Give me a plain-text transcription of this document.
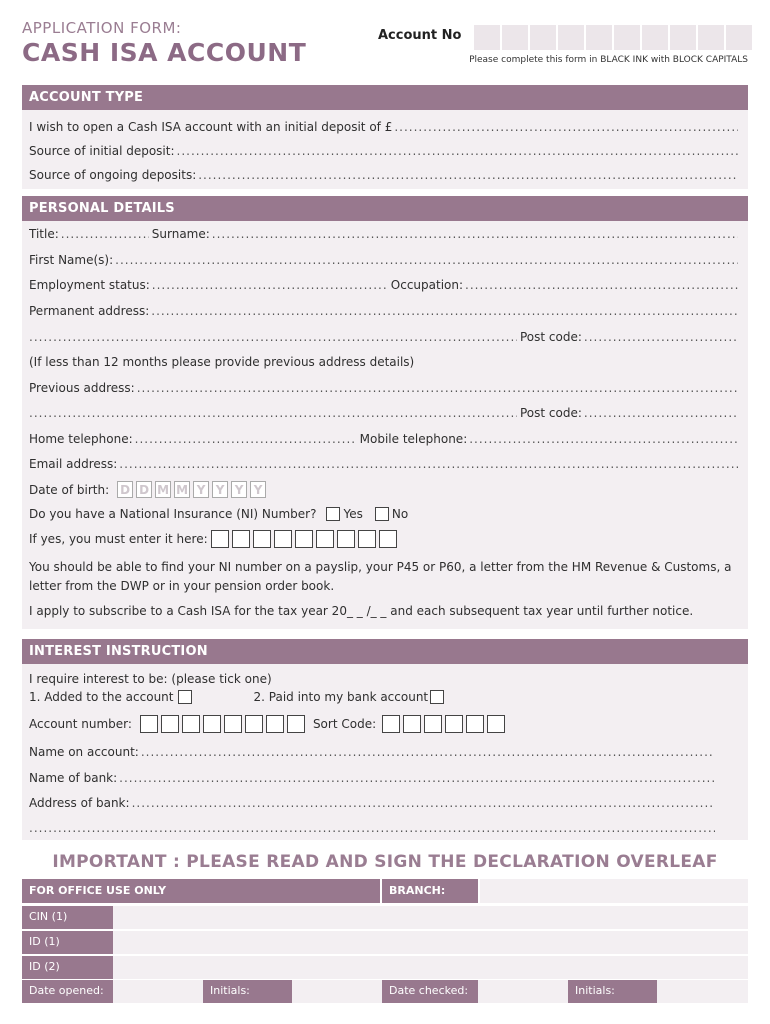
APPLICATION FORM:
CASH ISA ACCOUNT
Account No
Please complete this form in BLACK INK with BLOCK CAPITALS
ACCOUNT TYPE
I wish to open a Cash ISA account with an initial deposit of £
.....
Source of initial deposit:
.....
Source of ongoing deposits:
.....
PERSONAL DETAILS
Title: .....	Surname:
.....
First Name(s):
.....
Employment status: .....	Occupation:
.....
Permanent address:
.....
.....
Post code:
.....
(If less than 12 months please provide previous address details)
Previous address:
.....
.....
Post code:
.....
Home telephone: .....	Mobile telephone:
.....
Email address:
.....
Date of birth: D D M M Y Y Y Y
Do you have a National Insurance (NI) Number? Yes No
If yes, you must enter it here:
You should be able to find your NI number on a payslip, your P45 or P60, a letter from the HM Revenue & Customs, a
letter from the DWP or in your pension order book.
I apply to subscribe to a Cash ISA for the tax year 20_ _ /_ _ and each subsequent tax year until further notice.
INTEREST INSTRUCTION
I require interest to be: (please tick one)
1. Added to the account	2. Paid into my bank account
Account number:	Sort Code:
Name on account:
.....
Name of bank:
.....
Address of bank:
.....
.....
IMPORTANT : PLEASE READ AND SIGN THE DECLARATION OVERLEAF
FOR OFFICE USE ONLY	BRANCH:
CIN (1)
ID (1)
ID (2)
Date opened:	Initials:	Date checked:	Initials:
